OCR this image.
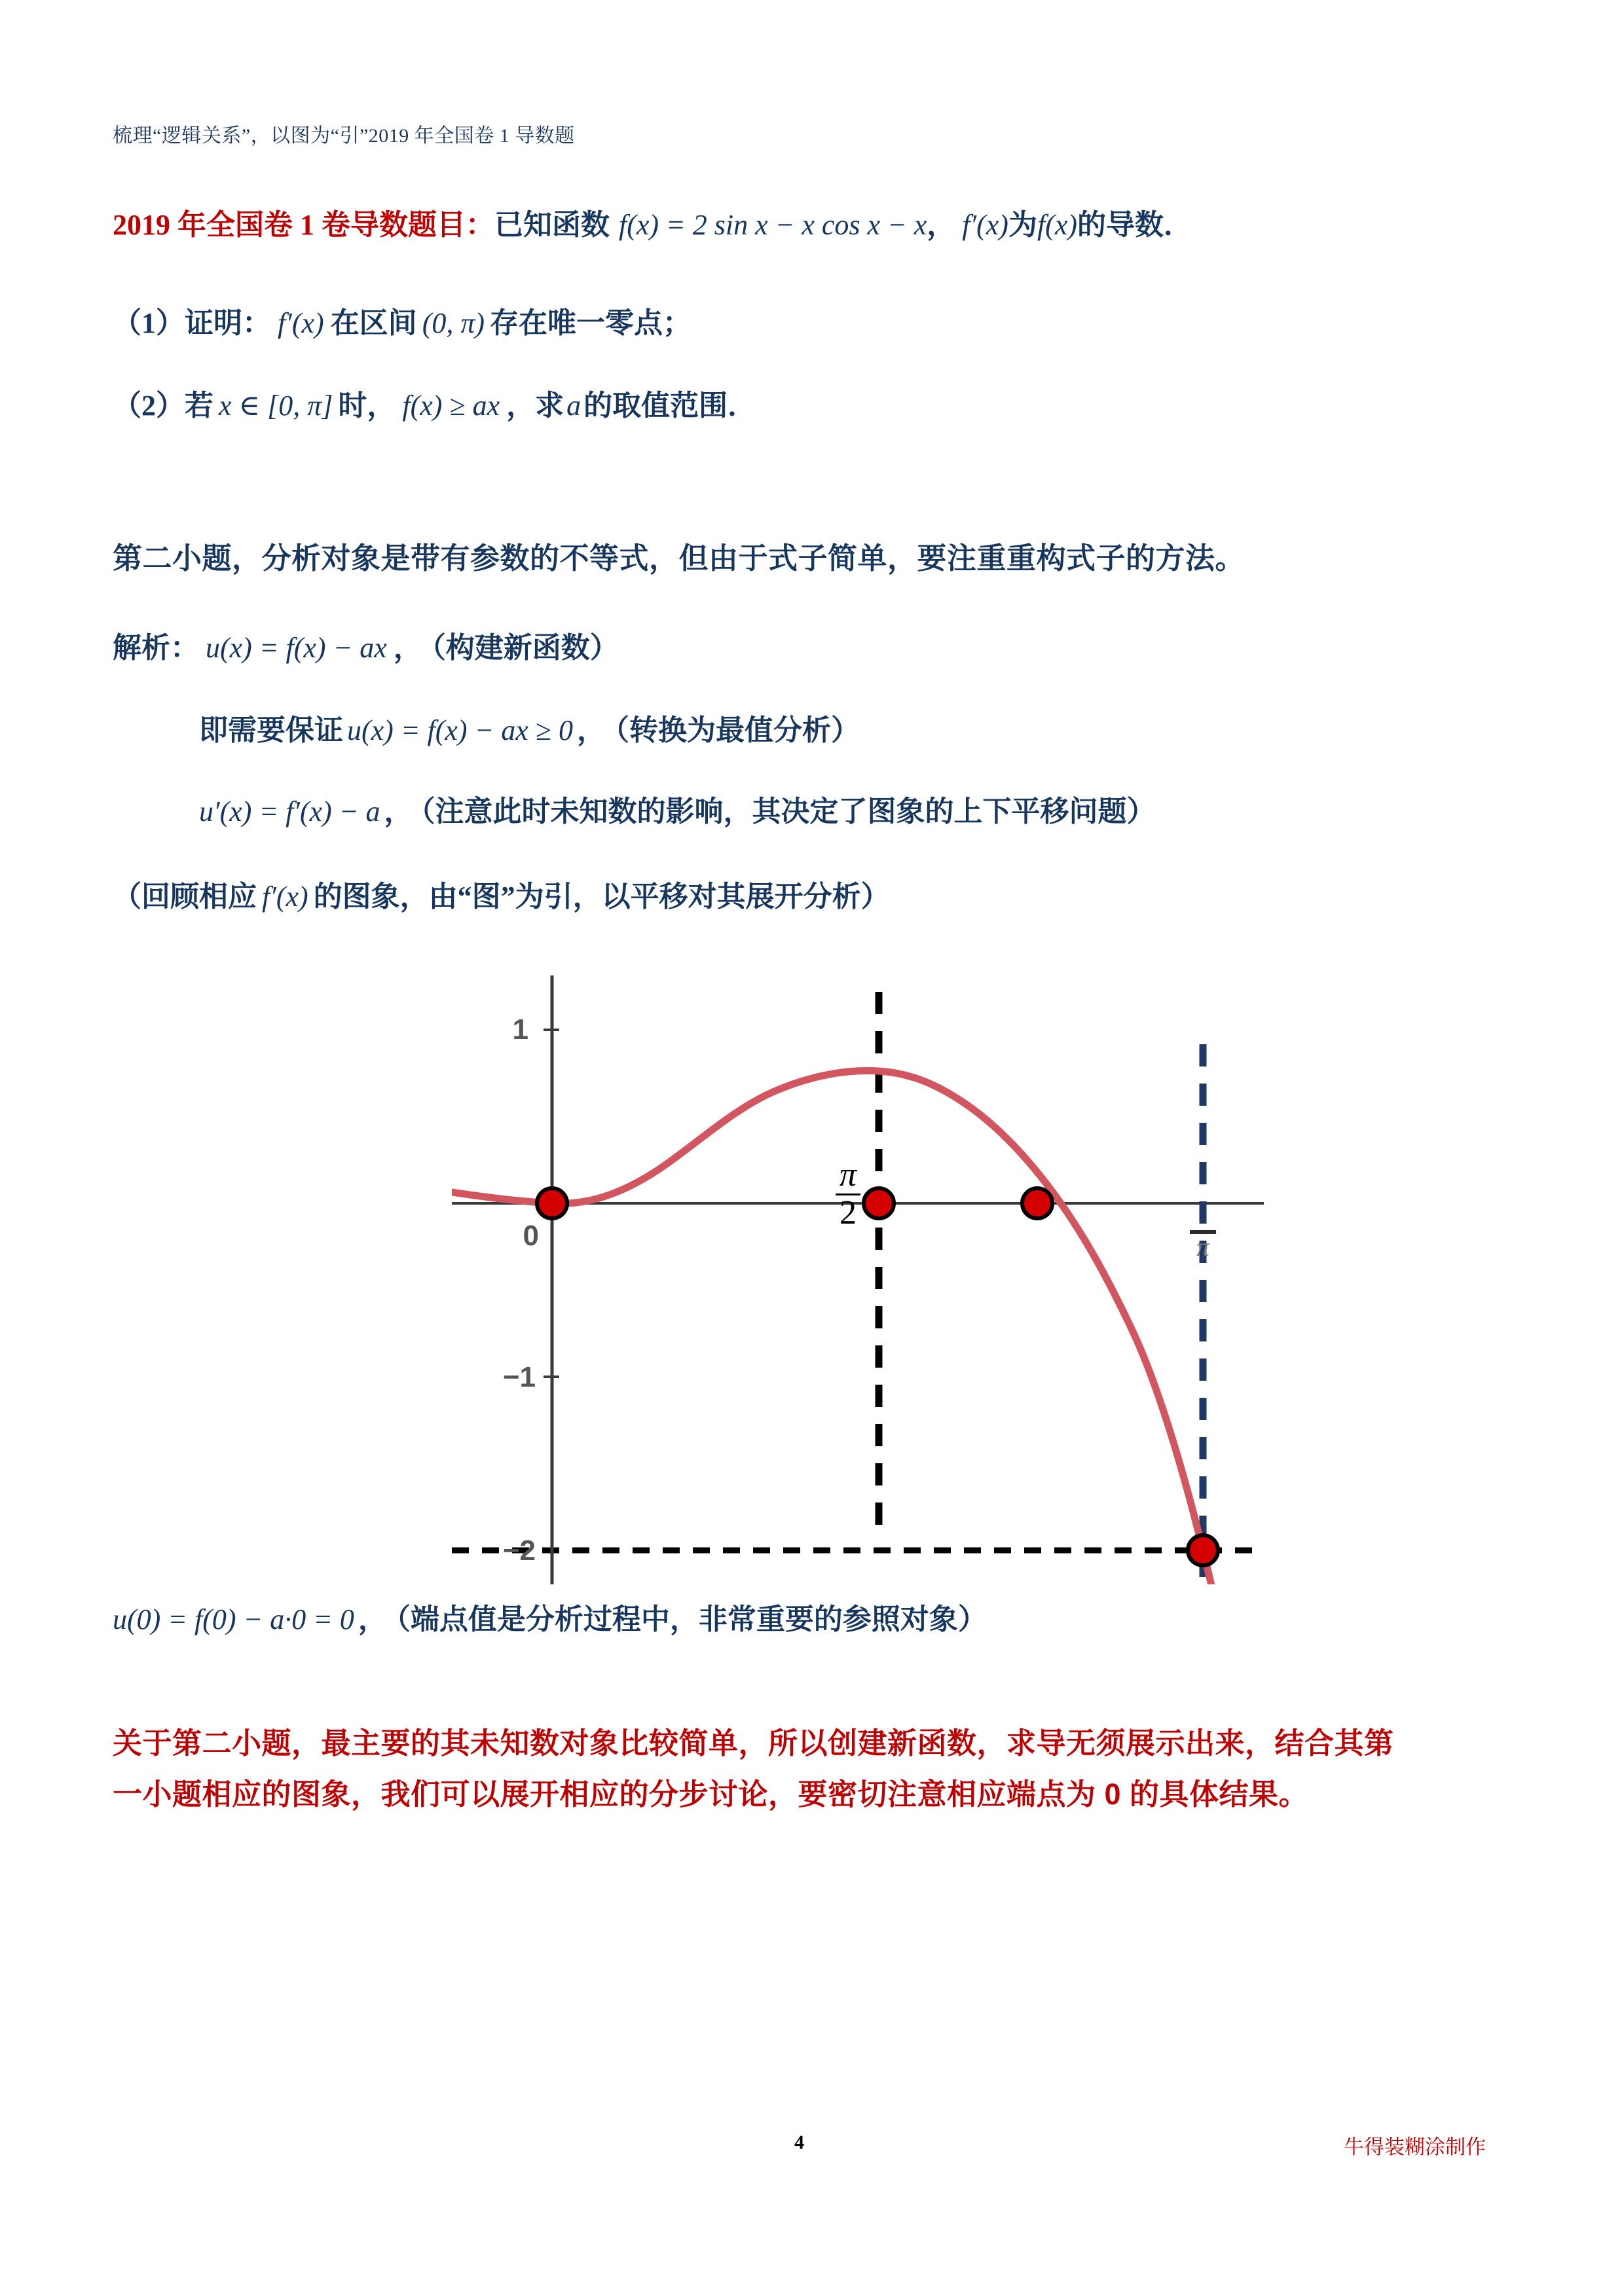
梳理“逻辑关系”，以图为“引”2019 年全国卷 1 导数题
2019 年全国卷 1 卷导数题目：已知函数 f(x) = 2 sin x − x cos x − x， f′(x)为f(x)的导数．
（1）证明： f′(x) 在区间 (0, π) 存在唯一零点；
（2）若 x ∈ [0, π] 时， f(x) ≥ ax ，求a的取值范围．
第二小题，分析对象是带有参数的不等式，但由于式子简单，要注重重构式子的方法。
解析： u(x) = f(x) − ax ， （构建新函数）
即需要保证 u(x) = f(x) − ax ≥ 0 ， （转换为最值分析）
u′(x) = f′(x) − a ， （注意此时未知数的影响，其决定了图象的上下平移问题）
（回顾相应 f′(x) 的图象，由“图”为引，以平移对其展开分析）
1
0
−1
−2
π
$\frac{\pi}{2}$
u(0) = f(0) − a·0 = 0 ， （端点值是分析过程中，非常重要的参照对象）
关于第二小题，最主要的其未知数对象比较简单，所以创建新函数，求导无须展示出来，结合其第
一小题相应的图象，我们可以展开相应的分步讨论，要密切注意相应端点为 0 的具体结果。
4	牛得装糊涂制作
